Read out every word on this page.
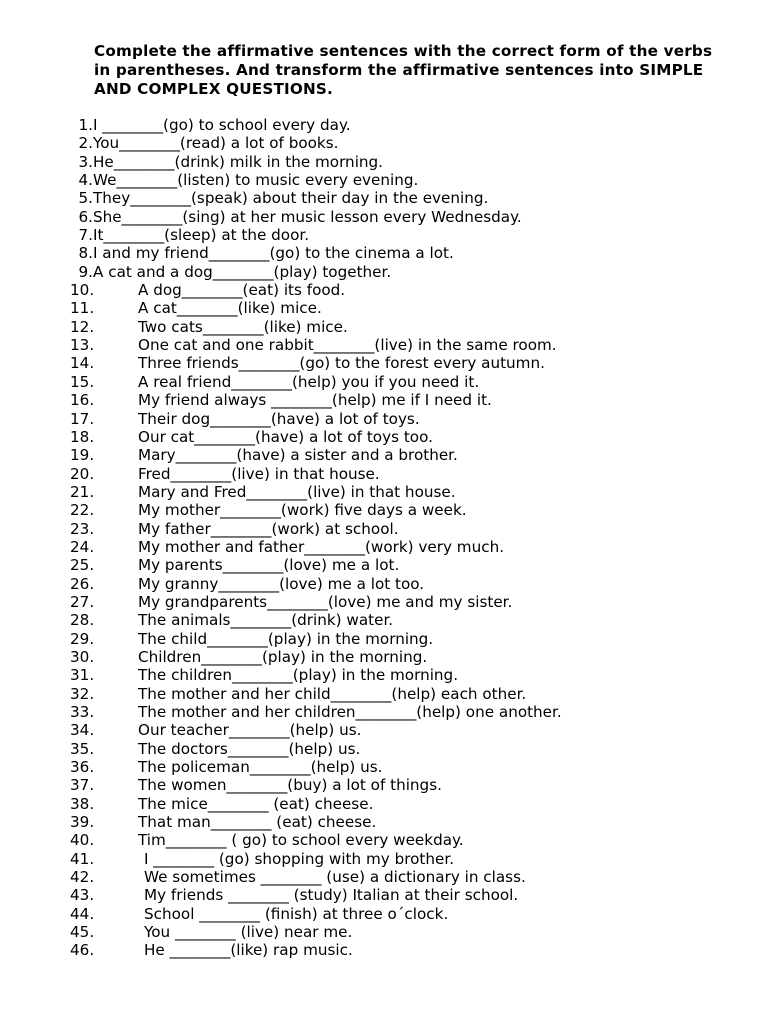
Complete the affirmative sentences with the correct form of the verbs in parentheses. And transform the affirmative sentences into SIMPLE AND COMPLEX QUESTIONS.
1. I ________(go) to school every day.
2. You________(read) a lot of books.
3. He________(drink) milk in the morning.
4. We________(listen) to music every evening.
5. They________(speak) about their day in the evening.
6. She________(sing) at her music lesson every Wednesday.
7. It________(sleep) at the door.
8. I and my friend________(go) to the cinema a lot.
9. A cat and a dog________(play) together.
10.	A dog________(eat) its food.
11.	A cat________(like) mice.
12.	Two cats________(like) mice.
13.	One cat and one rabbit________(live) in the same room.
14.	Three friends________(go) to the forest every autumn.
15.	A real friend________(help) you if you need it.
16.	My friend always ________(help) me if I need it.
17.	Their dog________(have) a lot of toys.
18.	Our cat________(have) a lot of toys too.
19.	Mary________(have) a sister and a brother.
20.	Fred________(live) in that house.
21.	Mary and Fred________(live) in that house.
22.	My mother________(work) five days a week.
23.	My father________(work) at school.
24.	My mother and father________(work) very much.
25.	My parents________(love) me a lot.
26.	My granny________(love) me a lot too.
27.	My grandparents________(love) me and my sister.
28.	The animals________(drink) water.
29.	The child________(play) in the morning.
30.	Children________(play) in the morning.
31.	The children________(play) in the morning.
32.	The mother and her child________(help) each other.
33.	The mother and her children________(help) one another.
34.	Our teacher________(help) us.
35.	The doctors________(help) us.
36.	The policeman________(help) us.
37.	The women________(buy) a lot of things.
38.	The mice________ (eat) cheese.
39.	That man________ (eat) cheese.
40.	Tim________ ( go) to school every weekday.
41.	I ________ (go) shopping with my brother.
42.	We sometimes ________ (use) a dictionary in class.
43.	My friends ________ (study) Italian at their school.
44.	School ________ (finish) at three o´clock.
45.	You ________ (live) near me.
46.	He ________(like) rap music.
